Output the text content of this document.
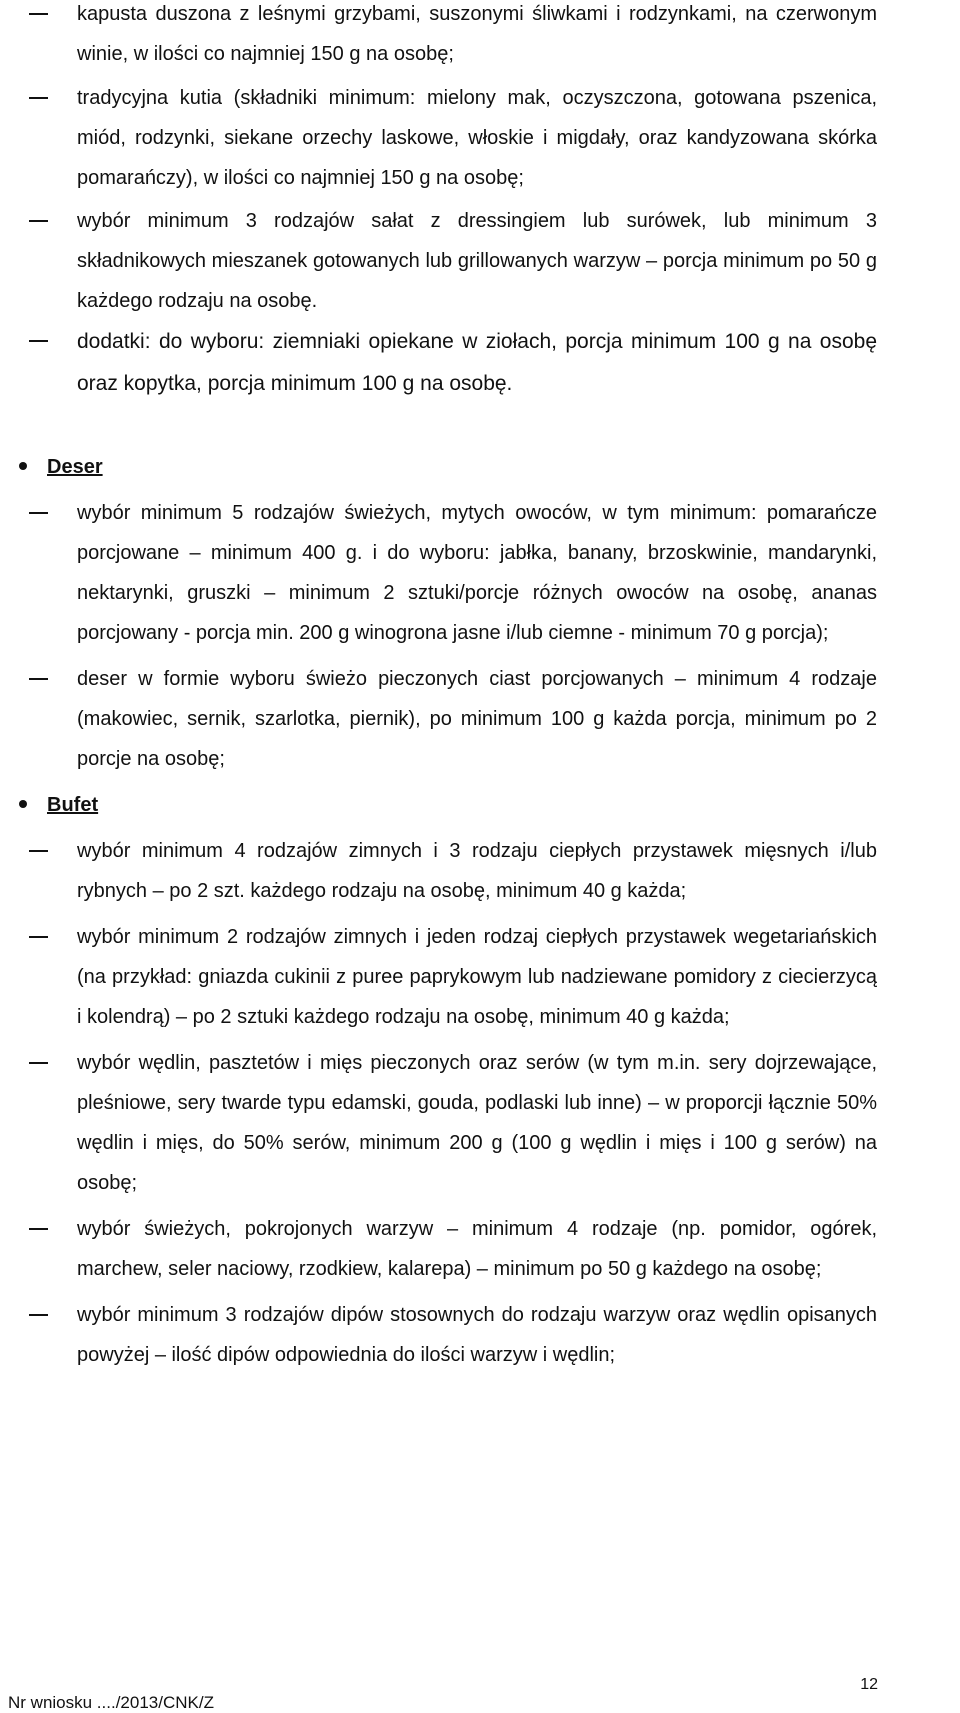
kapusta duszona z leśnymi grzybami, suszonymi śliwkami i rodzynkami, na czerwonym winie, w ilości co najmniej 150 g na osobę;
tradycyjna kutia (składniki minimum: mielony mak, oczyszczona, gotowana pszenica, miód, rodzynki, siekane orzechy laskowe, włoskie i migdały, oraz kandyzowana skórka pomarańczy), w ilości co najmniej 150 g na osobę;
wybór minimum 3 rodzajów sałat z dressingiem lub surówek, lub minimum 3 składnikowych mieszanek gotowanych lub grillowanych warzyw – porcja minimum po 50 g każdego rodzaju na osobę.
dodatki: do wyboru: ziemniaki opiekane w ziołach, porcja minimum 100 g na osobę oraz kopytka, porcja minimum 100 g na osobę.
Deser
wybór minimum 5 rodzajów świeżych, mytych owoców, w tym minimum: pomarańcze porcjowane – minimum 400 g. i do wyboru: jabłka, banany, brzoskwinie, mandarynki, nektarynki, gruszki – minimum 2 sztuki/porcje różnych owoców na osobę, ananas porcjowany - porcja min. 200 g winogrona jasne i/lub ciemne - minimum 70 g porcja);
deser w formie wyboru świeżo pieczonych ciast porcjowanych – minimum 4 rodzaje (makowiec, sernik, szarlotka, piernik), po minimum 100 g każda porcja, minimum po 2 porcje na osobę;
Bufet
wybór minimum 4 rodzajów zimnych i 3 rodzaju ciepłych przystawek mięsnych i/lub rybnych – po 2 szt. każdego rodzaju na osobę, minimum 40 g każda;
wybór minimum 2 rodzajów zimnych i jeden rodzaj ciepłych przystawek wegetariańskich (na przykład: gniazda cukinii z puree paprykowym lub nadziewane pomidory z ciecierzycą i kolendrą) – po 2 sztuki każdego rodzaju na osobę, minimum 40 g każda;
wybór wędlin, pasztetów i mięs pieczonych oraz serów (w tym m.in. sery dojrzewające, pleśniowe, sery twarde typu edamski, gouda, podlaski lub inne) – w proporcji łącznie 50% wędlin i mięs, do 50% serów, minimum 200 g (100 g wędlin i mięs i 100 g serów) na osobę;
wybór świeżych, pokrojonych warzyw – minimum 4 rodzaje (np. pomidor, ogórek, marchew, seler naciowy, rzodkiew, kalarepa) – minimum po 50 g każdego na osobę;
wybór minimum 3 rodzajów dipów stosownych do rodzaju warzyw oraz wędlin opisanych powyżej – ilość dipów odpowiednia do ilości warzyw i wędlin;
12
Nr wniosku ..../2013/CNK/Z
